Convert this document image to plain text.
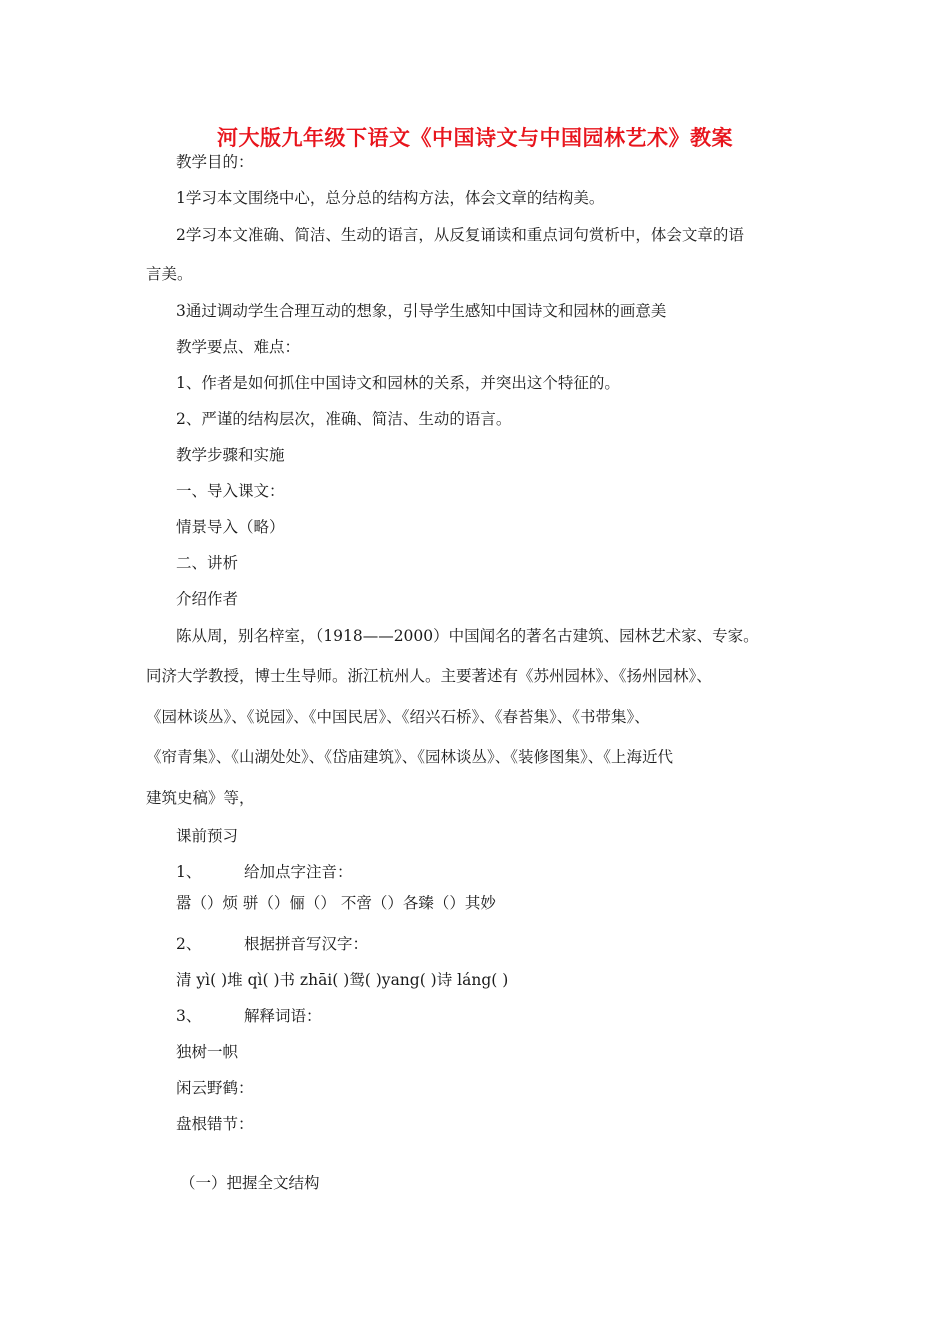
河大版九年级下语文《中国诗文与中国园林艺术》教案
教学目的：
1学习本文围绕中心，总分总的结构方法，体会文章的结构美。
2学习本文准确、简洁、生动的语言，从反复诵读和重点词句赏析中，体会文章的语
言美。
3通过调动学生合理互动的想象，引导学生感知中国诗文和园林的画意美
教学要点、难点：
1、作者是如何抓住中国诗文和园林的关系，并突出这个特征的。
2、严谨的结构层次，准确、简洁、生动的语言。
教学步骤和实施
一、导入课文：
情景导入（略）
二、讲析
介绍作者
陈从周，别名梓室，（1918——2000）中国闻名的著名古建筑、园林艺术家、专家。
同济大学教授，博士生导师。浙江杭州人。主要著述有《苏州园林》、《扬州园林》、
《园林谈丛》、《说园》、《中国民居》、《绍兴石桥》、《春苔集》、《书带集》、
《帘青集》、《山湖处处》、《岱庙建筑》、《园林谈丛》、《装修图集》、《上海近代
建筑史稿》等，
课前预习
1、	给加点字注音：
嚣（）烦 骈（）俪（） 不啻（）各臻（）其妙
2、	根据拼音写汉字：
清 yì( )堆 qì( )书 zhāi( )鸳( )yang( )诗 láng( )
3、	解释词语：
独树一帜
闲云野鹤：
盘根错节：
（一）把握全文结构
